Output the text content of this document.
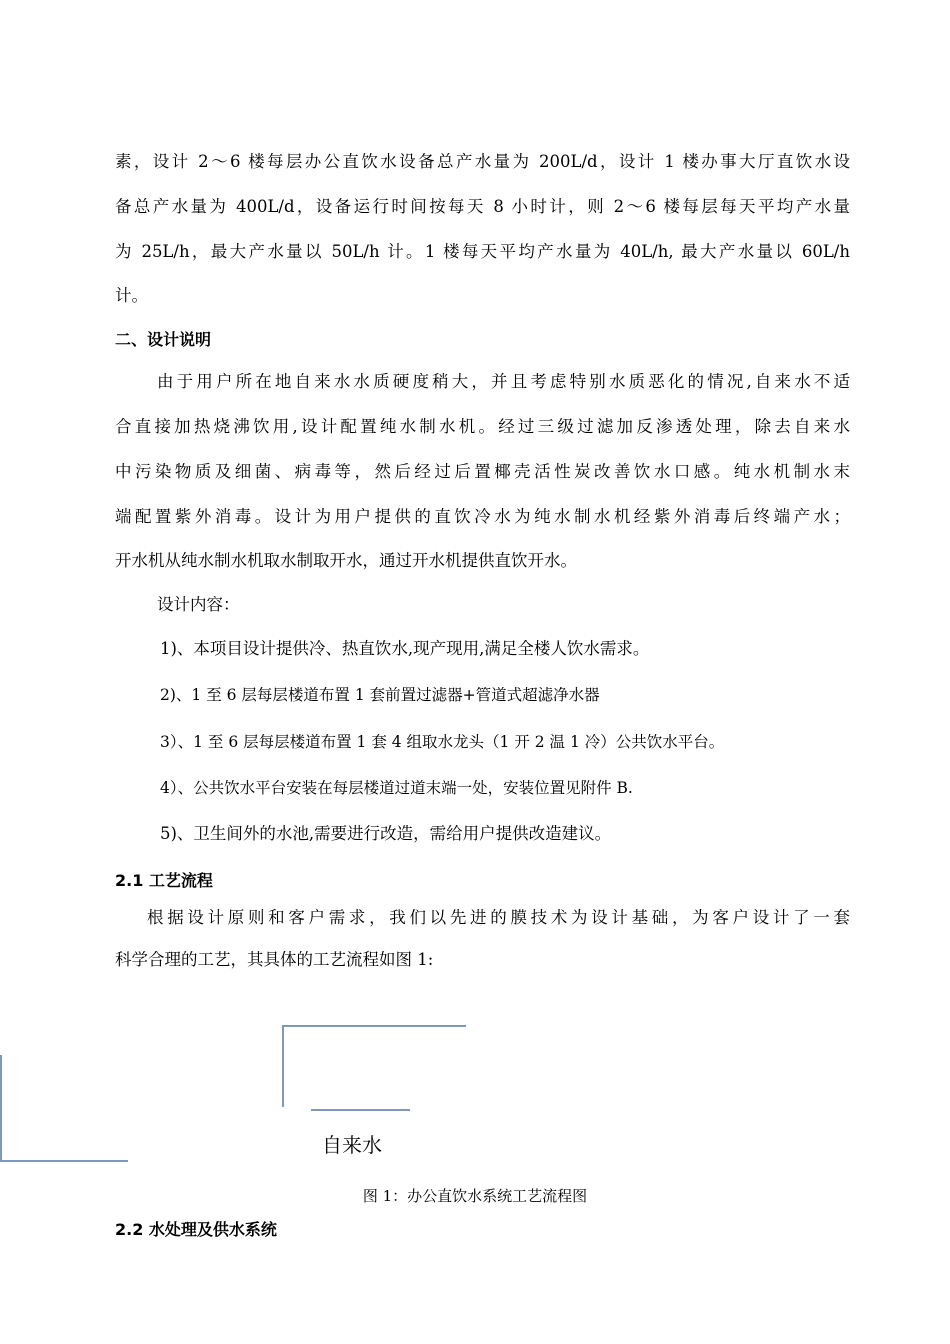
素，设计 2～6 楼每层办公直饮水设备总产水量为 200L/d，设计 1 楼办事大厅直饮水设

备总产水量为 400L/d，设备运行时间按每天 8 小时计，则 2～6 楼每层每天平均产水量

为 25L/h，最大产水量以 50L/h 计。1 楼每天平均产水量为 40L/h, 最大产水量以 60L/h

计。

二、设计说明

由于用户所在地自来水水质硬度稍大，并且考虑特别水质恶化的情况,自来水不适

合直接加热烧沸饮用,设计配置纯水制水机。经过三级过滤加反渗透处理，除去自来水

中污染物质及细菌、病毒等，然后经过后置椰壳活性炭改善饮水口感。纯水机制水末

端配置紫外消毒。设计为用户提供的直饮冷水为纯水制水机经紫外消毒后终端产水；

开水机从纯水制水机取水制取开水，通过开水机提供直饮开水。

设计内容：

1)、本项目设计提供冷、热直饮水,现产现用,满足全楼人饮水需求。

2)、1 至 6 层每层楼道布置 1 套前置过滤器+管道式超滤净水器

3）、1 至 6 层每层楼道布置 1 套 4 组取水龙头（1 开 2 温 1 冷）公共饮水平台。

4）、公共饮水平台安装在每层楼道过道末端一处，安装位置见附件 B.

5)、卫生间外的水池,需要进行改造，需给用户提供改造建议。

2.1 工艺流程

根据设计原则和客户需求，我们以先进的膜技术为设计基础，为客户设计了一套

科学合理的工艺，其具体的工艺流程如图 1:

自来水

图 1：办公直饮水系统工艺流程图

2.2 水处理及供水系统
